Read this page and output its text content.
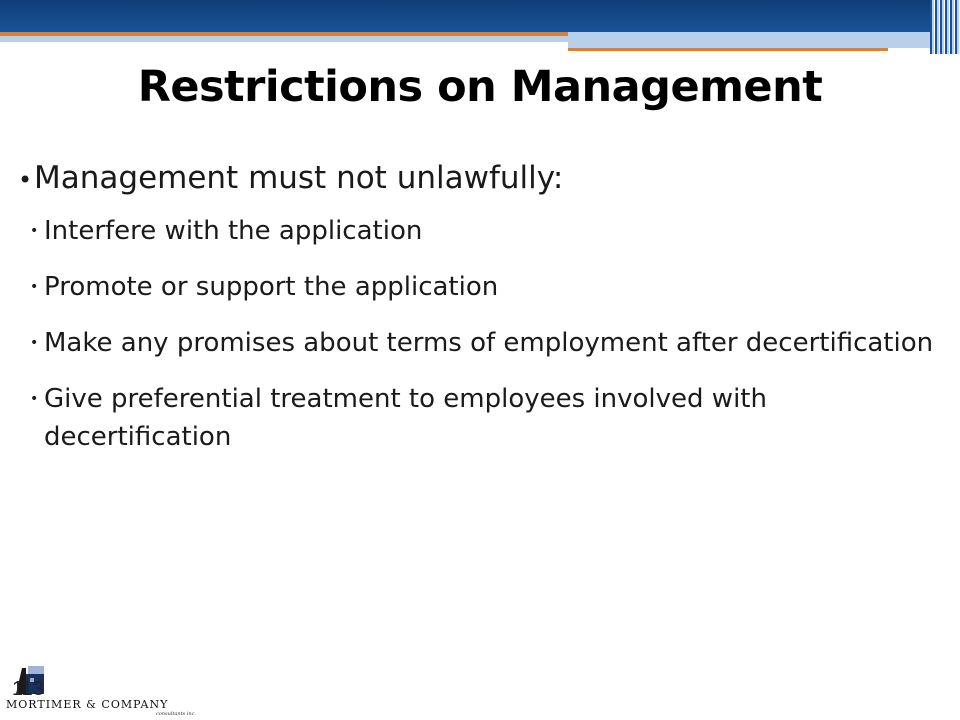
Restrictions on Management
• Management must not unlawfully:
• Interfere with the application
• Promote or support the application
• Make any promises about terms of employment after decertification
• Give preferential treatment to employees involved with decertification
MORTIMER & COMPANY
consultants inc.
113
